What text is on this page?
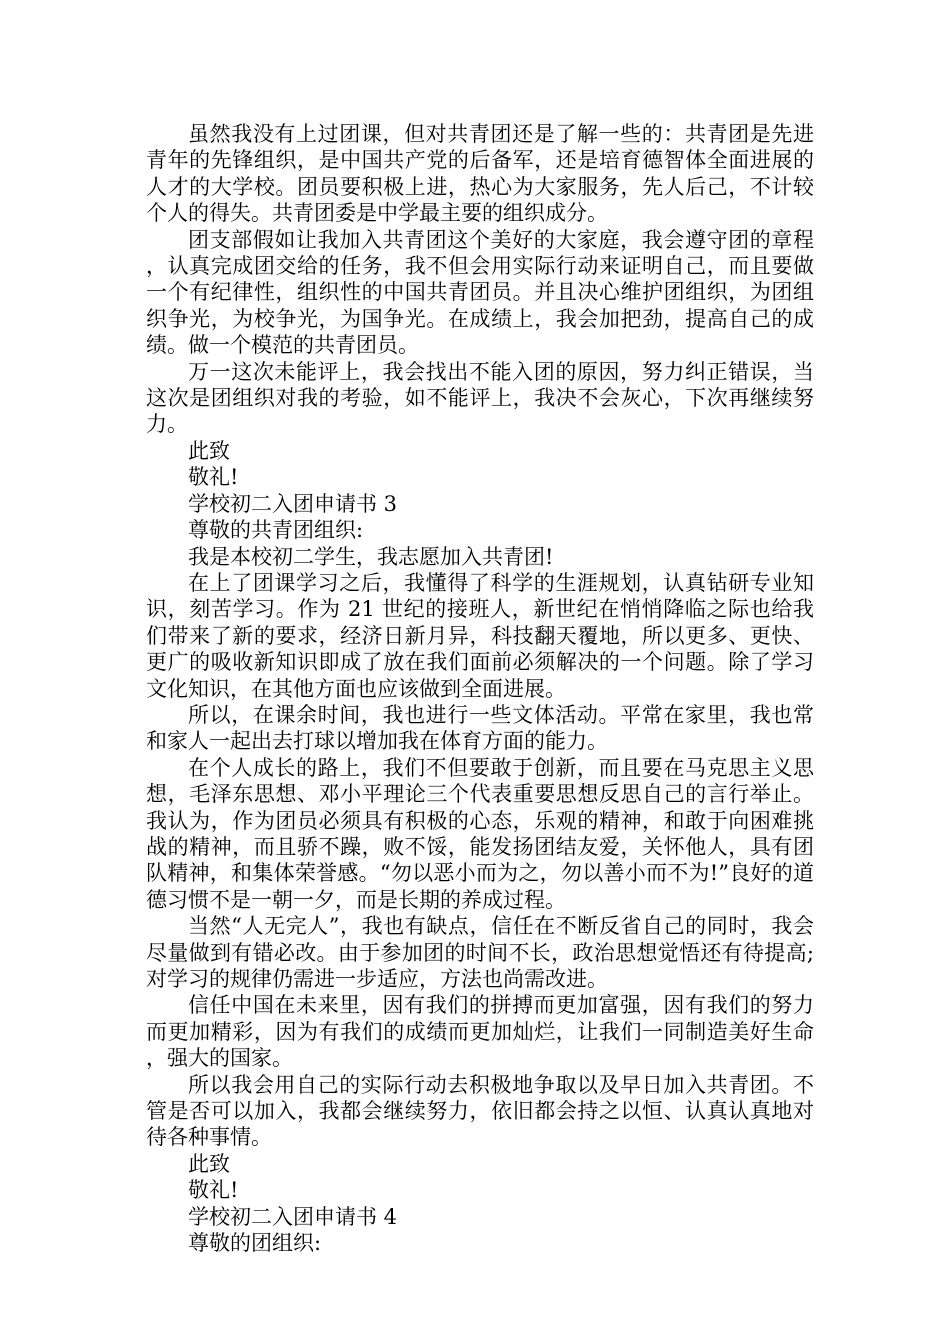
虽然我没有上过团课，但对共青团还是了解一些的：共青团是先进青年的先锋组织，是中国共产党的后备军，还是培育德智体全面进展的人才的大学校。团员要积极上进，热心为大家服务，先人后己，不计较个人的得失。共青团委是中学最主要的组织成分。

团支部假如让我加入共青团这个美好的大家庭，我会遵守团的章程，认真完成团交给的任务，我不但会用实际行动来证明自己，而且要做一个有纪律性，组织性的中国共青团员。并且决心维护团组织，为团组织争光，为校争光，为国争光。在成绩上，我会加把劲，提高自己的成绩。做一个模范的共青团员。

万一这次未能评上，我会找出不能入团的原因，努力纠正错误，当这次是团组织对我的考验，如不能评上，我决不会灰心，下次再继续努力。

此致

敬礼!

学校初二入团申请书 3

尊敬的共青团组织:

我是本校初二学生，我志愿加入共青团!

在上了团课学习之后，我懂得了科学的生涯规划，认真钻研专业知识，刻苦学习。作为 21 世纪的接班人，新世纪在悄悄降临之际也给我们带来了新的要求，经济日新月异，科技翻天覆地，所以更多、更快、更广的吸收新知识即成了放在我们面前必须解决的一个问题。除了学习文化知识，在其他方面也应该做到全面进展。

所以，在课余时间，我也进行一些文体活动。平常在家里，我也常和家人一起出去打球以增加我在体育方面的能力。

在个人成长的路上，我们不但要敢于创新，而且要在马克思主义思想，毛泽东思想、邓小平理论三个代表重要思想反思自己的言行举止。我认为，作为团员必须具有积极的心态，乐观的精神，和敢于向困难挑战的精神，而且骄不躁，败不馁，能发扬团结友爱，关怀他人，具有团队精神，和集体荣誉感。“勿以恶小而为之，勿以善小而不为!”良好的道德习惯不是一朝一夕，而是长期的养成过程。

当然“人无完人”，我也有缺点，信任在不断反省自己的同时，我会尽量做到有错必改。由于参加团的时间不长，政治思想觉悟还有待提高;对学习的规律仍需进一步适应，方法也尚需改进。

信任中国在未来里，因有我们的拼搏而更加富强，因有我们的努力而更加精彩，因为有我们的成绩而更加灿烂，让我们一同制造美好生命，强大的国家。

所以我会用自己的实际行动去积极地争取以及早日加入共青团。不管是否可以加入，我都会继续努力，依旧都会持之以恒、认真认真地对待各种事情。

此致

敬礼!

学校初二入团申请书 4

尊敬的团组织:
